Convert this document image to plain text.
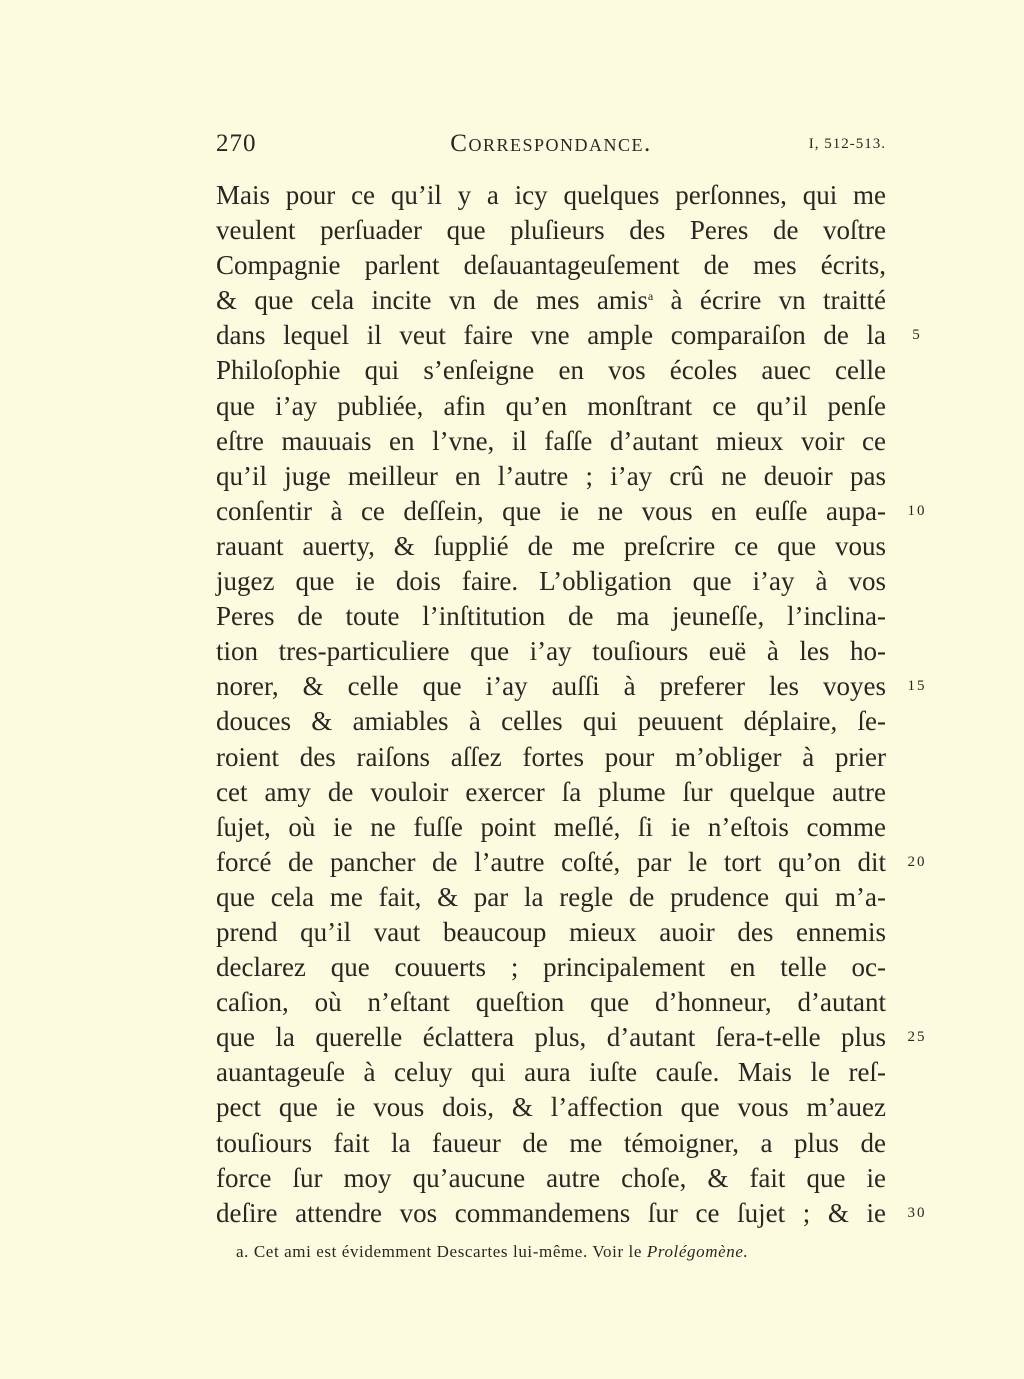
270	Correspondance.	I, 512-513.
Mais pour ce qu’il y a icy quelques perſonnes, qui me
veulent perſuader que pluſieurs des Peres de voſtre
Compagnie parlent deſauantageuſement de mes écrits,
& que cela incite vn de mes amis$^a$ à écrire vn traitté
dans lequel il veut faire vne ample comparaiſon de la
Philoſophie qui s’enſeigne en vos écoles auec celle
que i’ay publiée, afin qu’en monſtrant ce qu’il penſe
eſtre mauuais en l’vne, il faſſe d’autant mieux voir ce
qu’il juge meilleur en l’autre ; i’ay crû ne deuoir pas
conſentir à ce deſſein, que ie ne vous en euſſe aupa-
rauant auerty, & ſupplié de me preſcrire ce que vous
jugez que ie dois faire. L’obligation que i’ay à vos
Peres de toute l’inſtitution de ma jeuneſſe, l’inclina-
tion tres-particuliere que i’ay touſiours euë à les ho-
norer, & celle que i’ay auſſi à preferer les voyes
douces & amiables à celles qui peuuent déplaire, ſe-
roient des raiſons aſſez fortes pour m’obliger à prier
cet amy de vouloir exercer ſa plume ſur quelque autre
ſujet, où ie ne fuſſe point meſlé, ſi ie n’eſtois comme
forcé de pancher de l’autre coſté, par le tort qu’on dit
que cela me fait, & par la regle de prudence qui m’a-
prend qu’il vaut beaucoup mieux auoir des ennemis
declarez que couuerts ; principalement en telle oc-
caſion, où n’eſtant queſtion que d’honneur, d’autant
que la querelle éclattera plus, d’autant ſera-t-elle plus
auantageuſe à celuy qui aura iuſte cauſe. Mais le reſ-
pect que ie vous dois, & l’affection que vous m’auez
touſiours fait la faueur de me témoigner, a plus de
force ſur moy qu’aucune autre choſe, & fait que ie
deſire attendre vos commandemens ſur ce ſujet ; & ie
5
10
15
20
25
30
a. Cet ami est évidemment Descartes lui-même. Voir le Prolégomène.
